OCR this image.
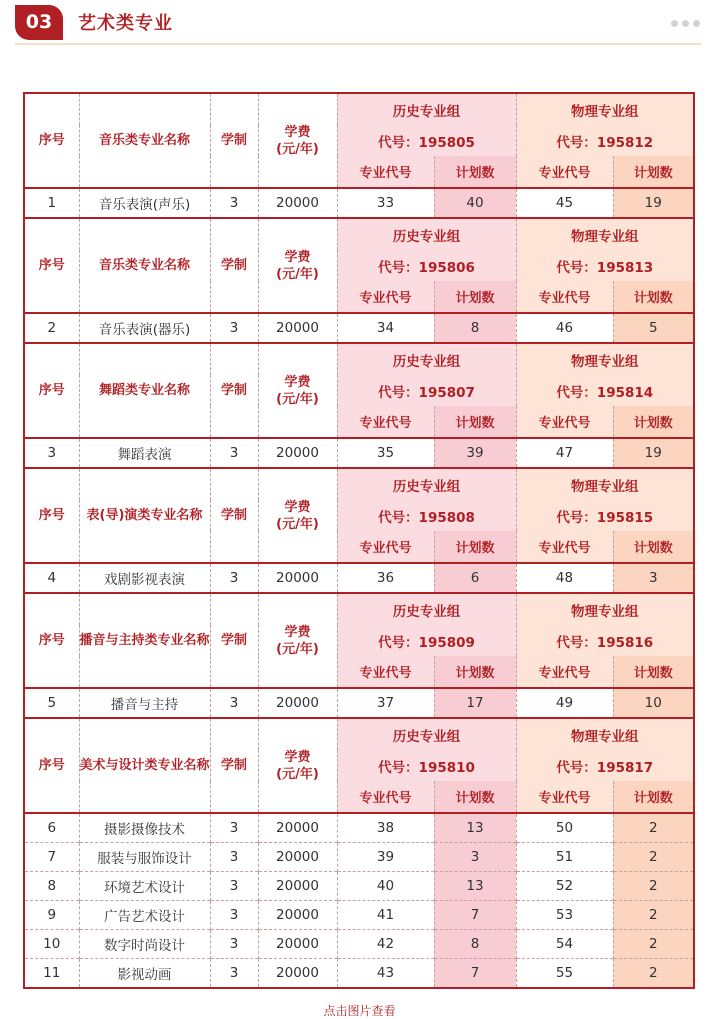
03	艺术类专业
序号	音乐类专业名称	学制	学费
(元/年)	历史专业组		物理专业组	
				代号：195805		代号：195812	
				专业代号	计划数	专业代号	计划数
1	音乐表演(声乐)	3	20000	33	40	45	19
序号	音乐类专业名称	学制	学费
(元/年)	历史专业组		物理专业组	
				代号：195806		代号：195813	
				专业代号	计划数	专业代号	计划数
2	音乐表演(器乐)	3	20000	34	8	46	5
序号	舞蹈类专业名称	学制	学费
(元/年)	历史专业组		物理专业组	
				代号：195807		代号：195814	
				专业代号	计划数	专业代号	计划数
3	舞蹈表演	3	20000	35	39	47	19
序号	表(导)演类专业名称	学制	学费
(元/年)	历史专业组		物理专业组	
				代号：195808		代号：195815	
				专业代号	计划数	专业代号	计划数
4	戏剧影视表演	3	20000	36	6	48	3
序号	播音与主持类专业名称	学制	学费
(元/年)	历史专业组		物理专业组	
				代号：195809		代号：195816	
				专业代号	计划数	专业代号	计划数
5	播音与主持	3	20000	37	17	49	10
序号	美术与设计类专业名称	学制	学费
(元/年)	历史专业组		物理专业组	
				代号：195810		代号：195817	
				专业代号	计划数	专业代号	计划数
6	摄影摄像技术	3	20000	38	13	50	2
7	服装与服饰设计	3	20000	39	3	51	2
8	环境艺术设计	3	20000	40	13	52	2
9	广告艺术设计	3	20000	41	7	53	2
10	数字时尚设计	3	20000	42	8	54	2
11	影视动画	3	20000	43	7	55	2
点击图片查看
